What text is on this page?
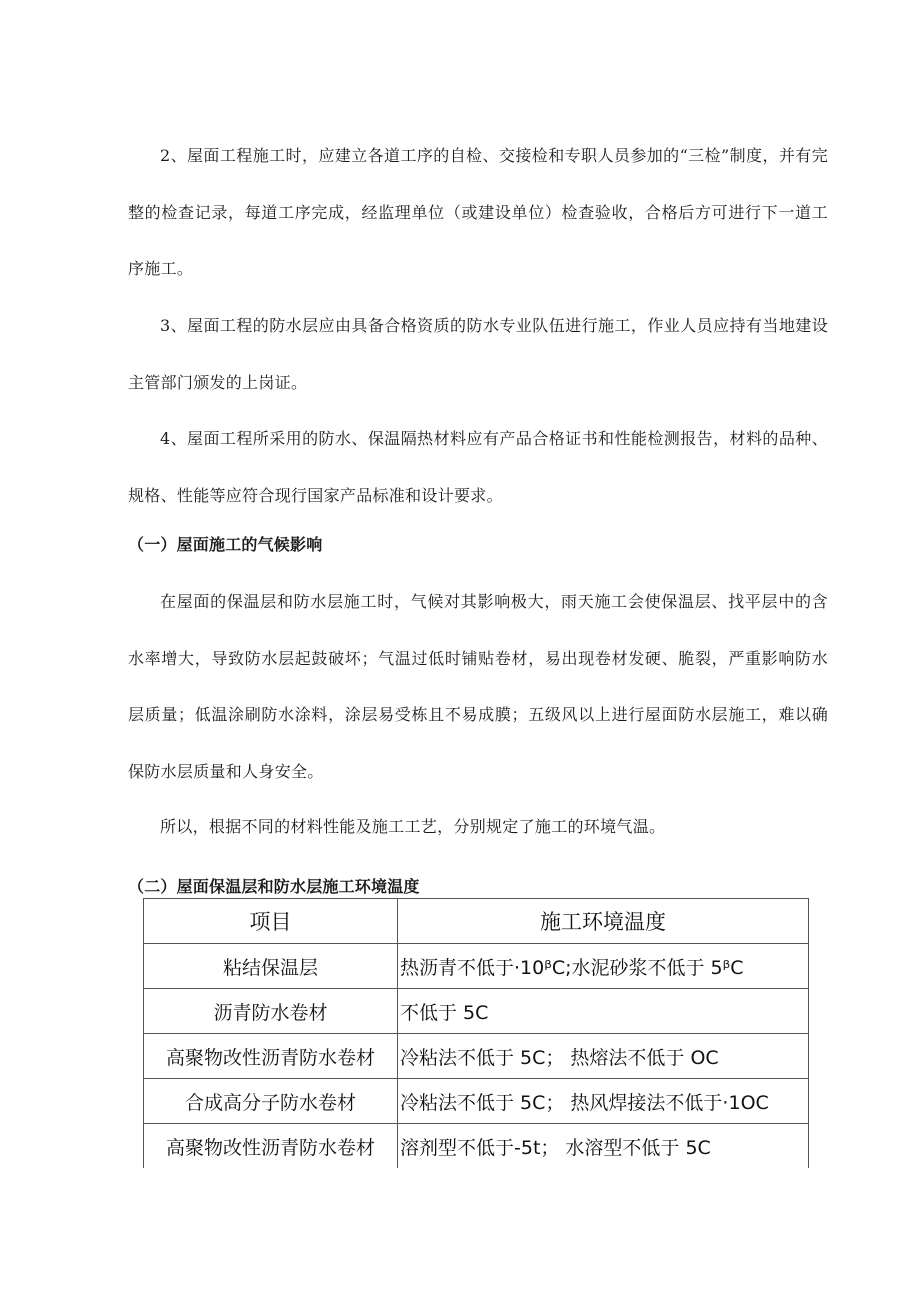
2、屋面工程施工时，应建立各道工序的自检、交接检和专职人员参加的“三检”制度，并有完整的检查记录，每道工序完成，经监理单位（或建设单位）检查验收，合格后方可进行下一道工序施工。

3、屋面工程的防水层应由具备合格资质的防水专业队伍进行施工，作业人员应持有当地建设主管部门颁发的上岗证。

4、屋面工程所采用的防水、保温隔热材料应有产品合格证书和性能检测报告，材料的品种、规格、性能等应符合现行国家产品标准和设计要求。

（一）屋面施工的气候影响

在屋面的保温层和防水层施工时，气候对其影响极大，雨天施工会使保温层、找平层中的含水率增大，导致防水层起鼓破坏；气温过低时铺贴卷材，易出现卷材发硬、脆裂，严重影响防水层质量；低温涂刷防水涂料，涂层易受栋且不易成膜；五级风以上进行屋面防水层施工，难以确保防水层质量和人身安全。

所以，根据不同的材料性能及施工工艺，分别规定了施工的环境气温。

（二）屋面保温层和防水层施工环境温度
项目	施工环境温度
粘结保温层	热沥青不低于·10ᵝC;水泥砂浆不低于 5ᵝC
沥青防水卷材	不低于 5C
高聚物改性沥青防水卷材	冷粘法不低于 5C； 热熔法不低于 OC
合成高分子防水卷材	冷粘法不低于 5C； 热风焊接法不低于·1OC
高聚物改性沥青防水卷材	溶剂型不低于-5t； 水溶型不低于 5C
